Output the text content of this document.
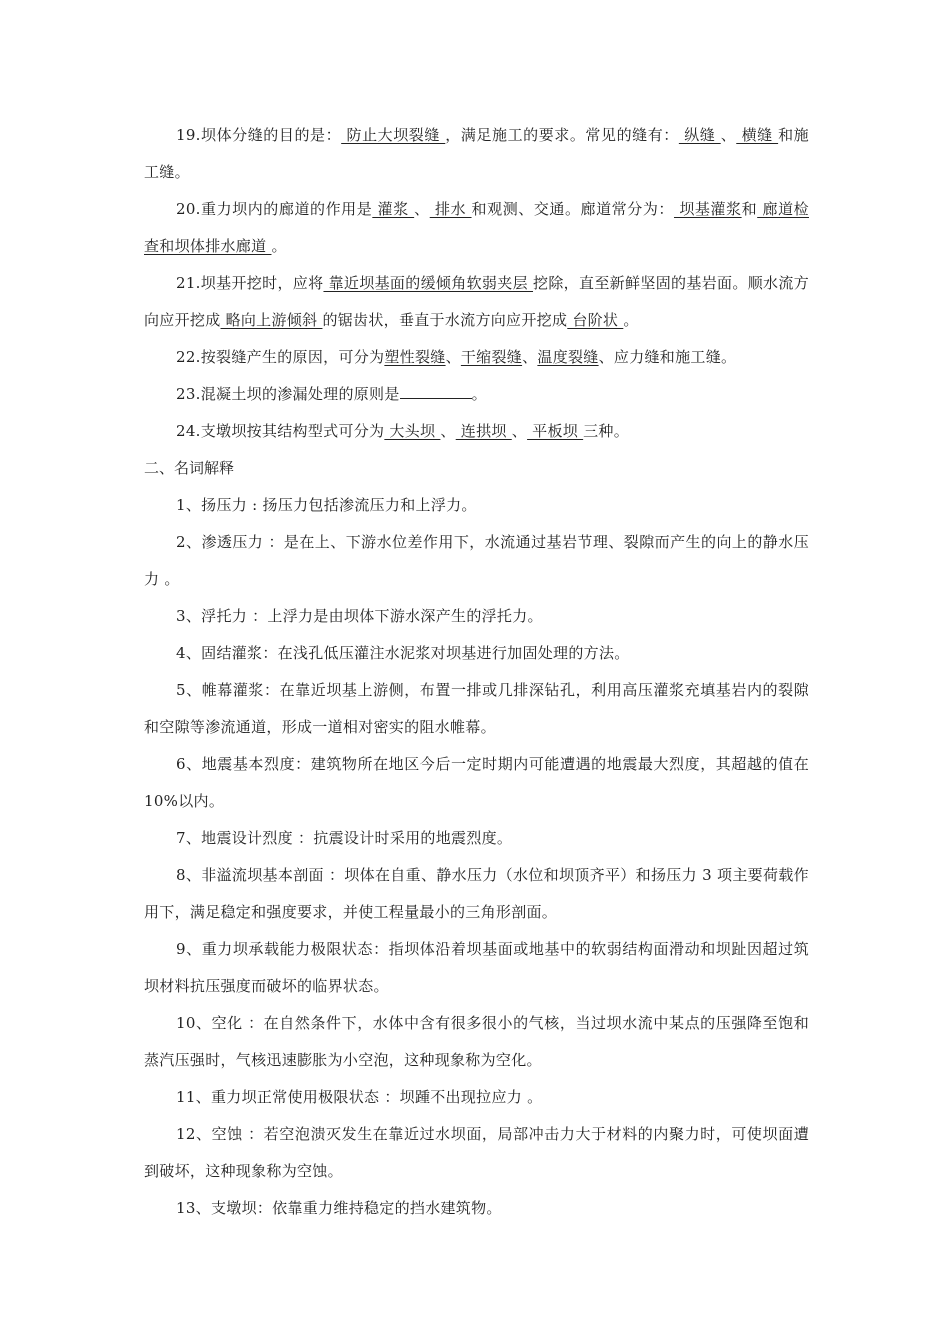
19.坝体分缝的目的是： 防止大坝裂缝 ，满足施工的要求。常见的缝有： 纵缝 、 横缝 和施工缝。

20.重力坝内的廊道的作用是 灌浆 、 排水 和观测、交通。廊道常分为： 坝基灌浆和 廊道检查和坝体排水廊道 。

21.坝基开挖时，应将 靠近坝基面的缓倾角软弱夹层 挖除，直至新鲜坚固的基岩面。顺水流方向应开挖成 略向上游倾斜 的锯齿状，垂直于水流方向应开挖成 台阶状 。

22.按裂缝产生的原因，可分为塑性裂缝、干缩裂缝、温度裂缝、应力缝和施工缝。

23.混凝土坝的渗漏处理的原则是	。

24.支墩坝按其结构型式可分为 大头坝 、 连拱坝 、 平板坝 三种。

二、名词解释

1、扬压力 : 扬压力包括渗流压力和上浮力。

2、渗透压力 ：是在上、下游水位差作用下，水流通过基岩节理、裂隙而产生的向上的静水压力 。

3、浮托力 ：上浮力是由坝体下游水深产生的浮托力。

4、固结灌浆：在浅孔低压灌注水泥浆对坝基进行加固处理的方法。

5、帷幕灌浆：在靠近坝基上游侧，布置一排或几排深钻孔，利用高压灌浆充填基岩内的裂隙和空隙等渗流通道，形成一道相对密实的阻水帷幕。

6、地震基本烈度：建筑物所在地区今后一定时期内可能遭遇的地震最大烈度，其超越的值在 10%以内。

7、地震设计烈度 ：抗震设计时采用的地震烈度。

8、非溢流坝基本剖面 ：坝体在自重、静水压力（水位和坝顶齐平）和扬压力 3 项主要荷载作用下，满足稳定和强度要求，并使工程量最小的三角形剖面。

9、重力坝承载能力极限状态：指坝体沿着坝基面或地基中的软弱结构面滑动和坝趾因超过筑坝材料抗压强度而破坏的临界状态。

10、空化 ：在自然条件下，水体中含有很多很小的气核，当过坝水流中某点的压强降至饱和蒸汽压强时，气核迅速膨胀为小空泡，这种现象称为空化。

11、重力坝正常使用极限状态 ：坝踵不出现拉应力 。

12、空蚀 ：若空泡溃灭发生在靠近过水坝面，局部冲击力大于材料的内聚力时，可使坝面遭到破坏，这种现象称为空蚀。

13、支墩坝：依靠重力维持稳定的挡水建筑物。
